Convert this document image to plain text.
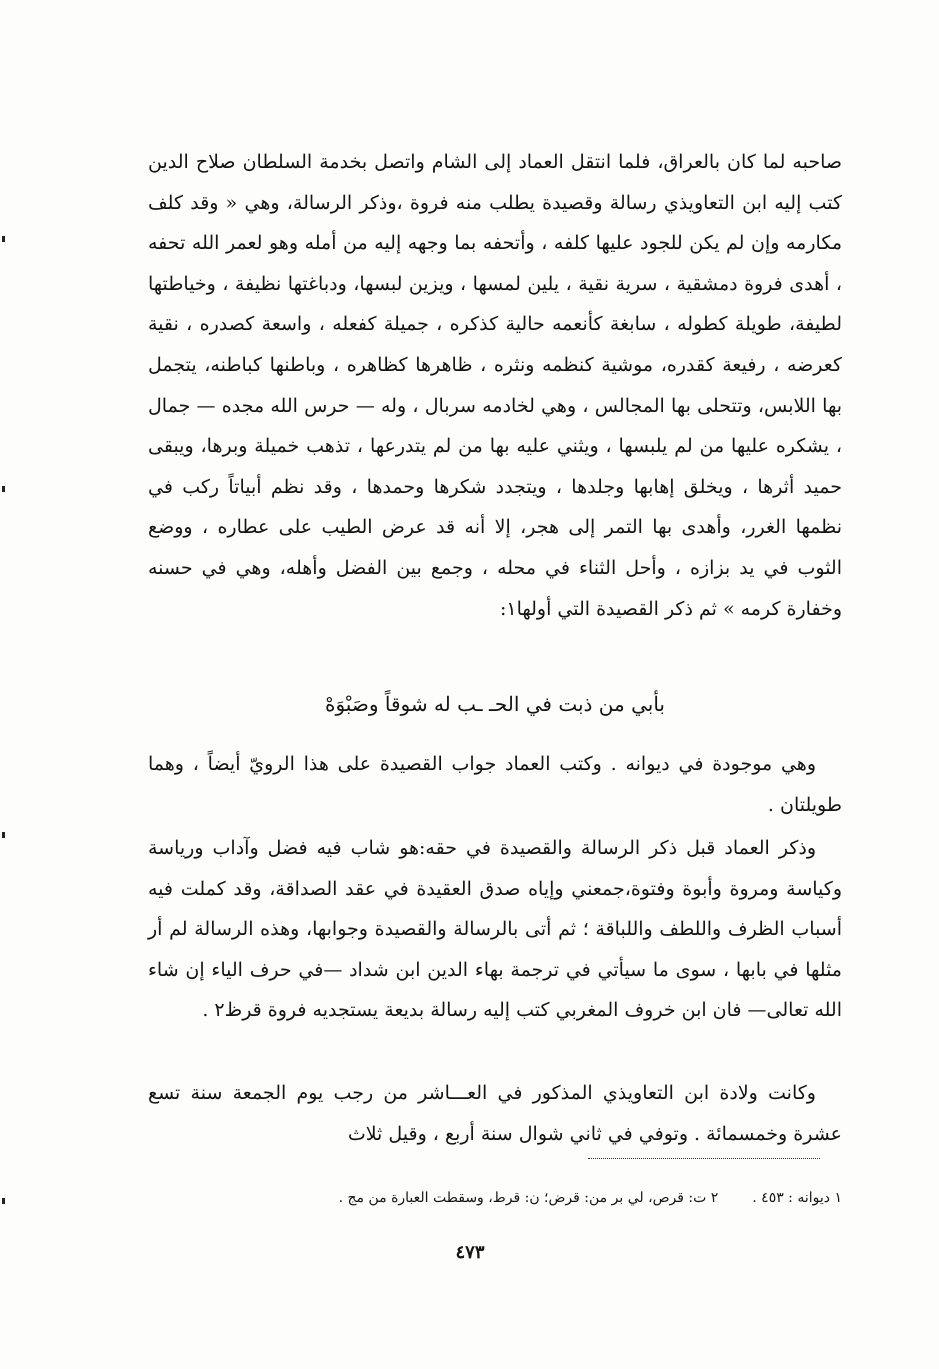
صاحبه لما كان بالعراق، فلما انتقل العماد إلى الشام واتصل بخدمة السلطان صلاح الدين كتب إليه ابن التعاويذي رسالة وقصيدة يطلب منه فروة ،وذكر الرسالة، وهي « وقد كلف مكارمه وإن لم يكن للجود عليها كلفه ، وأتحفه بما وجهه إليه من أمله وهو لعمر الله تحفه ، أهدى فروة دمشقية ، سرية نقية ، يلين لمسها ، ويزين لبسها، ودباغتها نظيفة ، وخياطتها لطيفة، طويلة كطوله ، سابغة كأنعمه حالية كذكره ، جميلة كفعله ، واسعة كصدره ، نقية كعرضه ، رفيعة كقدره، موشية كنظمه ونثره ، ظاهرها كظاهره ، وباطنها كباطنه، يتجمل بها اللابس، وتتحلى بها المجالس ، وهي لخادمه سربال ، وله — حرس الله مجده — جمال ، يشكره عليها من لم يلبسها ، ويثني عليه بها من لم يتدرعها ، تذهب خميلة وبرها، ويبقى حميد أثرها ، ويخلق إهابها وجلدها ، ويتجدد شكرها وحمدها ، وقد نظم أبياتاً ركب في نظمها الغرر، وأهدى بها التمر إلى هجر، إلا أنه قد عرض الطيب على عطاره ، ووضع الثوب في يد بزازه ، وأحل الثناء في محله ، وجمع بين الفضل وأهله، وهي في حسنه وخفارة كرمه » ثم ذكر القصيدة التي أولها١:

بأبي من ذبت في الحـ ـب له شوقاً وصَبْوَهْ

وهي موجودة في ديوانه . وكتب العماد جواب القصيدة على هذا الرويّ أيضاً ، وهما طويلتان .

وذكر العماد قبل ذكر الرسالة والقصيدة في حقه:هو شاب فيه فضل وآداب ورياسة وكياسة ومروة وأبوة وفتوة،جمعني وإياه صدق العقيدة في عقد الصداقة، وقد كملت فيه أسباب الظرف واللطف واللباقة ؛ ثم أتى بالرسالة والقصيدة وجوابها، وهذه الرسالة لم أر مثلها في بابها ، سوى ما سيأتي في ترجمة بهاء الدين ابن شداد —في حرف الياء إن شاء الله تعالى— فان ابن خروف المغربي كتب إليه رسالة بديعة يستجديه فروة قرظ٢ .

وكانت ولادة ابن التعاويذي المذكور في العـــاشر من رجب يوم الجمعة سنة تسع عشرة وخمسمائة . وتوفي في ثاني شوال سنة أربع ، وقيل ثلاث

١ ديوانه : ٤٥٣ .
٢ ت: قرص، لي بر من: قرض؛ ن: قرط، وسقطت العبارة من مج .
٤٧٣
